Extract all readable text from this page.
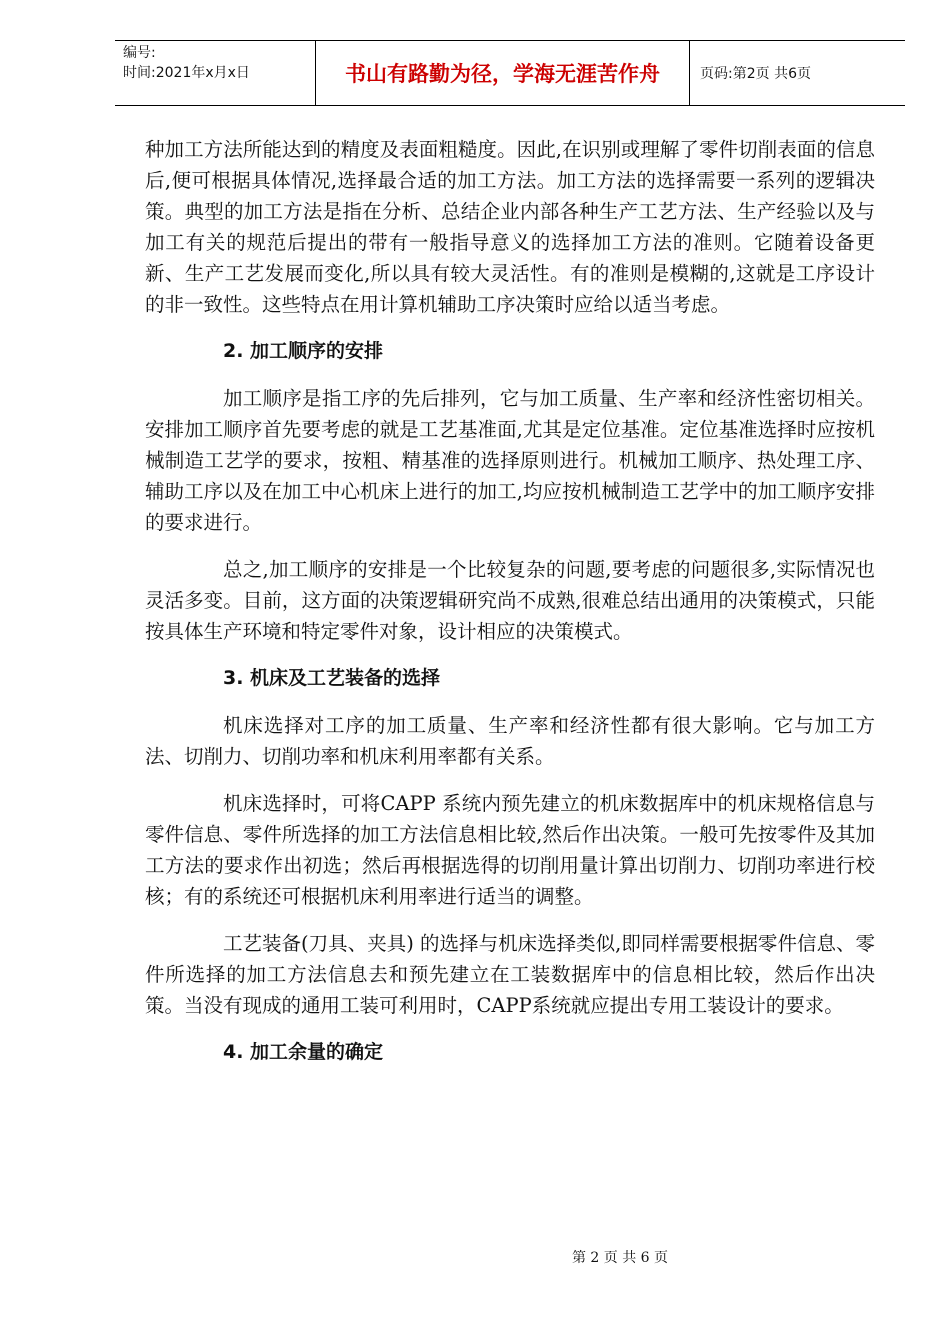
编号:
时间:2021年x月x日	书山有路勤为径，学海无涯苦作舟	页码:第2页 共6页

种加工方法所能达到的精度及表面粗糙度。因此,在识别或理解了零件切削表面的信息后,便可根据具体情况,选择最合适的加工方法。加工方法的选择需要一系列的逻辑决策。典型的加工方法是指在分析、总结企业内部各种生产工艺方法、生产经验以及与加工有关的规范后提出的带有一般指导意义的选择加工方法的准则。它随着设备更新、生产工艺发展而变化,所以具有较大灵活性。有的准则是模糊的,这就是工序设计的非一致性。这些特点在用计算机辅助工序决策时应给以适当考虑。

2. 加工顺序的安排

加工顺序是指工序的先后排列，它与加工质量、生产率和经济性密切相关。安排加工顺序首先要考虑的就是工艺基准面,尤其是定位基准。定位基准选择时应按机械制造工艺学的要求，按粗、精基准的选择原则进行。机械加工顺序、热处理工序、辅助工序以及在加工中心机床上进行的加工,均应按机械制造工艺学中的加工顺序安排的要求进行。

总之,加工顺序的安排是一个比较复杂的问题,要考虑的问题很多,实际情况也灵活多变。目前，这方面的决策逻辑研究尚不成熟,很难总结出通用的决策模式，只能按具体生产环境和特定零件对象，设计相应的决策模式。

3. 机床及工艺装备的选择

机床选择对工序的加工质量、生产率和经济性都有很大影响。它与加工方法、切削力、切削功率和机床利用率都有关系。

机床选择时，可将CAPP 系统内预先建立的机床数据库中的机床规格信息与零件信息、零件所选择的加工方法信息相比较,然后作出决策。一般可先按零件及其加工方法的要求作出初选；然后再根据选得的切削用量计算出切削力、切削功率进行校核；有的系统还可根据机床利用率进行适当的调整。

工艺装备(刀具、夹具) 的选择与机床选择类似,即同样需要根据零件信息、零件所选择的加工方法信息去和预先建立在工装数据库中的信息相比较，然后作出决策。当没有现成的通用工装可利用时，CAPP系统就应提出专用工装设计的要求。

4. 加工余量的确定
第 2 页 共 6 页
